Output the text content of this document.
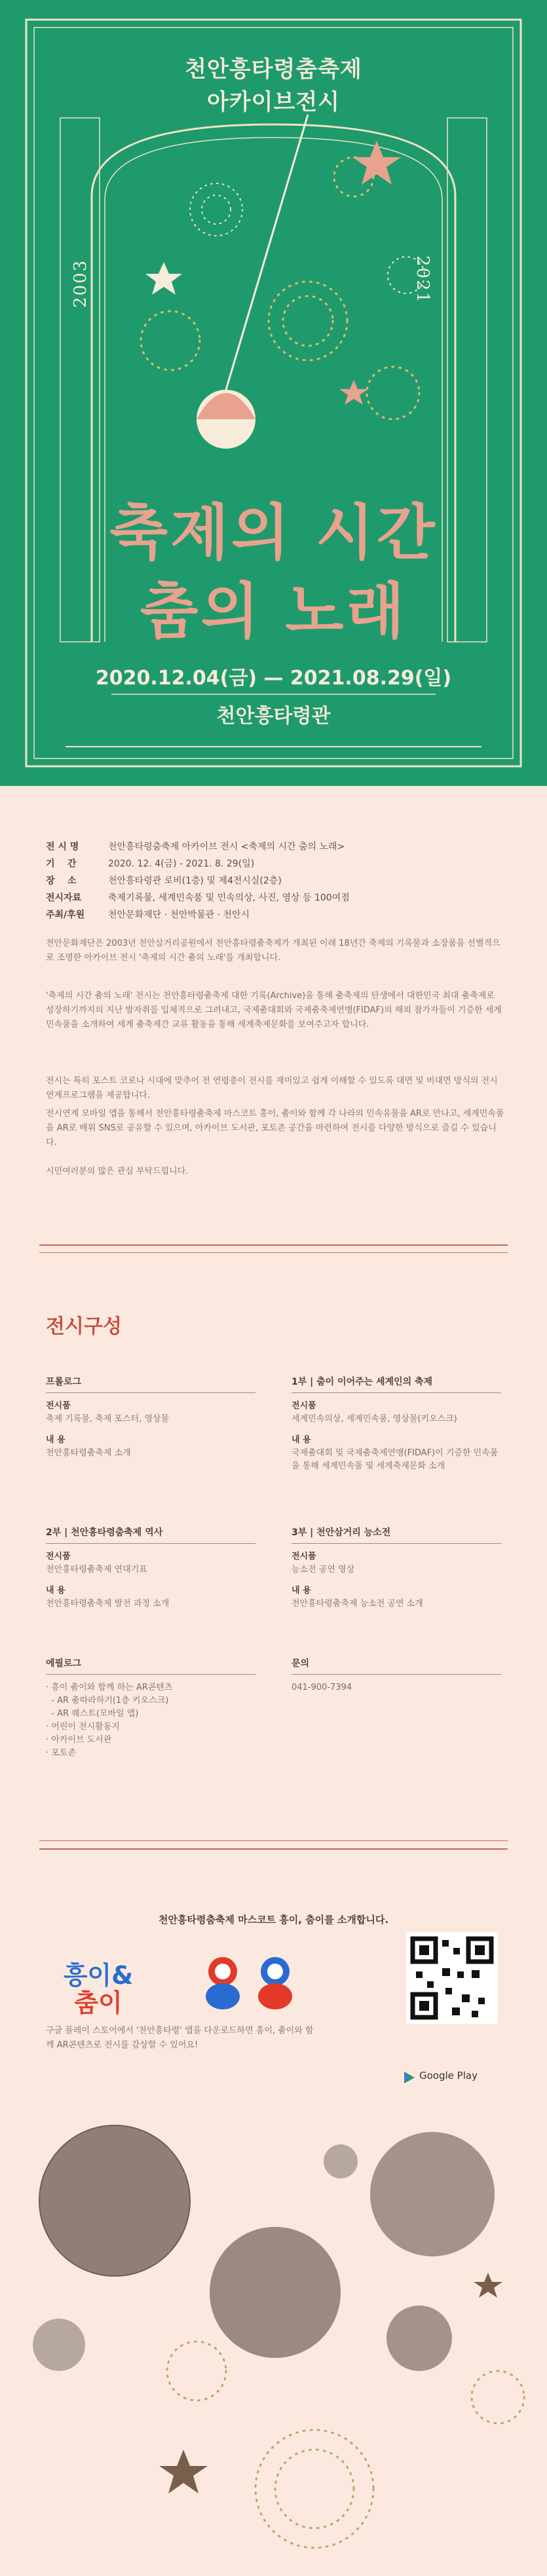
천안흥타령춤축제
아카이브전시
2003	2021
축제의 시간
춤의 노래
2020.12.04(금) — 2021.08.29(일)
천안흥타령관
전 시 명	천안흥타령춤축제 아카이브 전시 <축제의 시간 춤의 노래>
기    간	2020. 12. 4(금) - 2021. 8. 29(일)
장    소	천안흥타령관 로비(1층) 및 제4전시실(2층)
전시자료	축제기록물, 세계민속품 및 민속의상, 사진, 영상 등 100여점
주최/후원	천안문화재단 · 천안박물관 · 천안시
천안문화재단은 2003년 천안삼거리공원에서 천안흥타령춤축제가 개최된 이래 18년간 축제의 기록물과 소장품을 선별적으로 조명한 아카이브 전시 '축제의 시간 춤의 노래'를 개최합니다.
'축제의 시간 춤의 노래' 전시는 천안흥타령춤축제 대한 기록(Archive)을 통해 춤축제의 탄생에서 대한민국 최대 춤축제로 성장하기까지의 지난 발자취를 입체적으로 그려내고, 국제춤대회와 국제춤축제연맹(FIDAF)의 해외 참가자들이 기증한 세계민속품을 소개하여 세계 춤축제간 교류 활동을 통해 세계축제문화를 보여주고자 합니다.
전시는 특히 포스트 코로나 시대에 맞추어 전 연령층이 전시를 재미있고 쉽게 이해할 수 있도록 대면 및 비대면 방식의 전시연계프로그램을 제공합니다.
전시연계 모바일 앱을 통해서 천안흥타령춤축제 마스코트 흥이, 춤이와 함께 각 나라의 민속유물을 AR로 만나고, 세계민속품을 AR로 배워 SNS로 공유할 수 있으며, 아카이브 도서관, 포토존 공간을 마련하여 전시를 다양한 방식으로 즐길 수 있습니다.
시민여러분의 많은 관심 부탁드립니다.
전시구성
프롤로그
전시품
축제 기록물, 축제 포스터, 영상물
내 용
천안흥타령춤축제 소개
1부 | 춤이 이어주는 세계인의 축제
전시품
세계민속의상, 세계민속품, 영상물(키오스크)
내 용
국제춤대회 및 국제춤축제연맹(FIDAF)이 기증한 민속품을 통해 세계민속품 및 세계축제문화 소개
2부 | 천안흥타령춤축제 역사
전시품
천안흥타령춤축제 연대기표
내 용
천안흥타령춤축제 발전 과정 소개
3부 | 천안삼거리 능소전
전시품
능소전 공연 영상
내 용
천안흥타령춤축제 능소전 공연 소개
에필로그
· 흥이 춤이와 함께 하는 AR콘텐츠
- AR 춤따라하기(1층 키오스크)
- AR 퀘스트(모바일 앱)
· 어린이 전시활동지
· 아카이브 도서관
· 포토존
문의
041-900-7394
천안흥타령춤축제 마스코트 흥이, 춤이를 소개합니다.
흥이&
춤이
Google Play
구글 플레이 스토어에서 '천안흥타령' 앱을 다운로드하면 흥이, 춤이와 함께 AR콘텐츠로 전시를 감상할 수 있어요!
